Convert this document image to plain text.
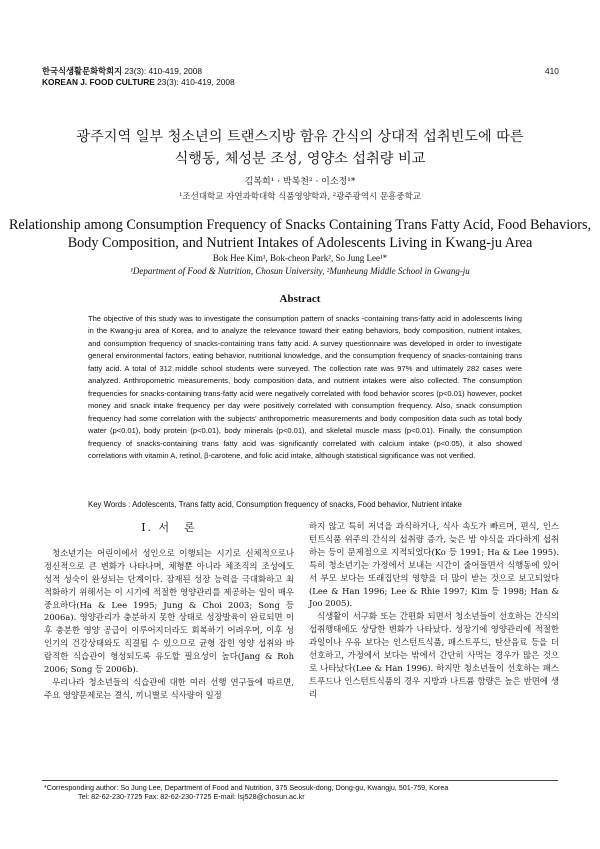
한국식생활문화학회지 23(3): 410-419, 2008
KOREAN J. FOOD CULTURE 23(3): 410-419, 2008
410
광주지역 일부 청소년의 트랜스지방 함유 간식의 상대적 섭취빈도에 따른
식행동, 체성분 조성, 영양소 섭취량 비교
김복희¹ · 박복천² · 이소정¹*
¹조선대학교 자연과학대학 식품영양학과, ²광주광역시 문흥중학교
Relationship among Consumption Frequency of Snacks Containing Trans Fatty Acid, Food Behaviors,
Body Composition, and Nutrient Intakes of Adolescents Living in Kwang-ju Area
Bok Hee Kim¹, Bok-cheon Park², So Jung Lee¹*
¹Department of Food & Nutrition, Chosun University, ²Munheung Middle School in Gwang-ju
Abstract
The objective of this study was to investigate the consumption pattern of snacks -containing trans-fatty acid in adolescents living in the Kwang-ju area of Korea, and to analyze the relevance toward their eating behaviors, body composition, nutrient intakes, and consumption frequency of snacks-containing trans fatty acid. A survey questionnaire was developed in order to investigate general environmental factors, eating behavior, nutritional knowledge, and the consumption frequency of snacks-containing trans fatty acid. A total of 312 middle school students were surveyed. The collection rate was 97% and ultimately 282 cases were analyzed. Anthropometric measurements, body composition data, and nutrient intakes were also collected. The consumption frequencies for snacks-containing trans-fatty acid were negatively correlated with food behavior scores (p<0.01) however, pocket money and snack intake frequency per day were positively correlated with consumption frequency. Also, snack consumption frequency had some correlation with the subjects' anthropometric measurements and body composition data such as total body water (p<0.01), body protein (p<0.01), body minerals (p<0.01), and skeletal muscle mass (p<0.01). Finally, the consumption frequency of snacks-containing trans fatty acid was significantly correlated with calcium intake (p<0.05), it also showed correlations with vitamin A, retinol, β-carotene, and folic acid intake, although statistical significance was not verified.
Key Words : Adolescents, Trans fatty acid, Consumption frequency of snacks, Food behavior, Nutrient intake
I. 서　론

청소년기는 어린이에서 성인으로 이행되는 시기로 신체적으로나 정신적으로 큰 변화가 나타나며, 체형뿐 아니라 체조직의 조성에도 성적 성숙이 완성되는 단계이다. 잠재된 성장 능력을 극대화하고 최적화하기 위해서는 이 시기에 적절한 영양관리를 제공하는 일이 매우 중요하다(Ha & Lee 1995; Jung & Choi 2003; Song 등 2006a). 영양관리가 충분하지 못한 상태로 성장발육이 완료되면 이후 충분한 영양 공급이 이루어지더라도 회복하기 어려우며, 이후 성인기의 건강상태와도 직결될 수 있으므로 균형 잡힌 영양 섭취와 바람직한 식습관이 형성되도록 유도할 필요성이 높다(Jang & Roh 2006; Song 등 2006b).

우리나라 청소년들의 식습관에 대한 여러 선행 연구들에 따르면, 주요 영양문제로는 결식, 끼니별로 식사량이 일정

하지 않고 특히 저녁을 과식하거나, 식사 속도가 빠르며, 편식, 인스턴트식품 위주의 간식의 섭취량 증가, 늦은 밤 야식을 과다하게 섭취하는 등이 문제점으로 지적되었다(Ko 등 1991; Ha & Lee 1995). 특히 청소년기는 가정에서 보내는 시간이 줄어들면서 식행동에 있어서 부모 보다는 또래집단의 영향을 더 많이 받는 것으로 보고되었다(Lee & Han 1996; Lee & Rhie 1997; Kim 등 1998; Han & Joo 2005).

식생활이 서구화 또는 간편화 되면서 청소년들이 선호하는 간식의 섭취행태에도 상당한 변화가 나타났다. 성장기에 영양관리에 적절한 과일이나 우유 보다는 인스턴트식품, 패스트푸드, 탄산음료 등을 더 선호하고, 가정에서 보다는 밖에서 간단히 사먹는 경우가 많은 것으로 나타났다(Lee & Han 1996). 하지만 청소년들이 선호하는 패스트푸드나 인스턴트식품의 경우 지방과 나트륨 함량은 높은 반면에 생리

*Corresponding author: So Jung Lee, Department of Food and Nutrition, 375 Seosuk-dong, Dong-gu, Kwangju, 501-759, Korea
Tel: 82-62-230-7725 Fax: 82-62-230-7725 E-mail: lsj528@chosun.ac.kr
